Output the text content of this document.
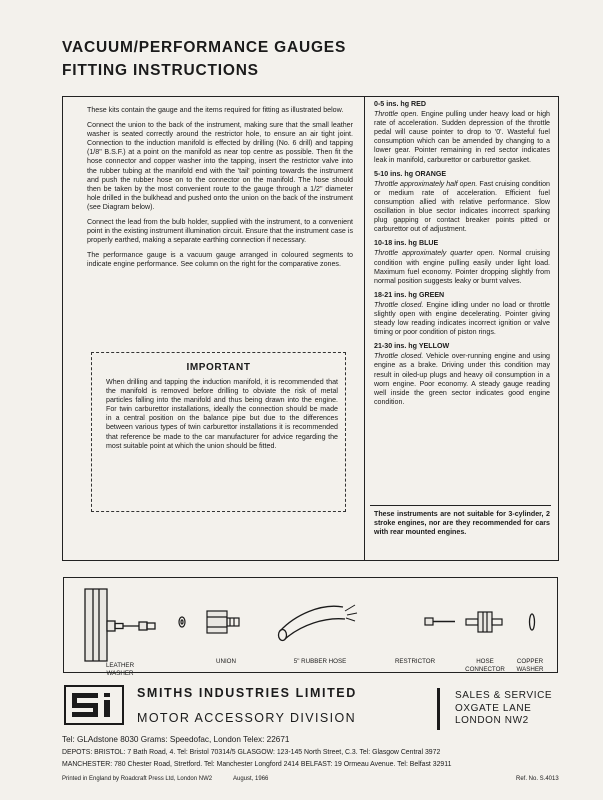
VACUUM/PERFORMANCE GAUGES
FITTING INSTRUCTIONS

These kits contain the gauge and the items required for fitting as illustrated below.

Connect the union to the back of the instrument, making sure that the small leather washer is seated correctly around the restrictor hole, to ensure an air tight joint. Connection to the induction manifold is effected by drilling (No. 6 drill) and tapping (1/8" B.S.F.) at a point on the manifold as near top centre as possible. Then fit the hose connector and copper washer into the tapping, insert the restrictor valve into the rubber tubing at the manifold end with the 'tail' pointing towards the instrument and push the rubber hose on to the connector on the manifold. The hose should then be taken by the most convenient route to the gauge through a 1/2" diameter hole drilled in the bulkhead and pushed onto the union on the back of the instrument (see Diagram below).

Connect the lead from the bulb holder, supplied with the instrument, to a convenient point in the existing instrument illumination circuit. Ensure that the instrument case is properly earthed, making a separate earthing connection if necessary.

The performance gauge is a vacuum gauge arranged in coloured segments to indicate engine performance. See column on the right for the comparative zones.

IMPORTANT

When drilling and tapping the induction manifold, it is recommended that the manifold is removed before drilling to obviate the risk of metal particles falling into the manifold and thus being drawn into the engine. For twin carburettor installations, ideally the connection should be made in a central position on the balance pipe but due to the differences between various types of twin carburettor installations it is recommended that reference be made to the car manufacturer for advice regarding the most suitable point at which the union should be fitted.

0-5 ins. hg RED
Throttle open. Engine pulling under heavy load or high rate of acceleration. Sudden depression of the throttle pedal will cause pointer to drop to '0'. Wasteful fuel consumption which can be amended by changing to a lower gear. Pointer remaining in red sector indicates leak in manifold, carburettor or carburettor gasket.
5-10 ins. hg ORANGE
Throttle approximately half open. Fast cruising condition or medium rate of acceleration. Efficient fuel consumption allied with relative performance. Slow oscillation in blue sector indicates incorrect sparking plug gapping or contact breaker points pitted or carburettor out of adjustment.
10-18 ins. hg BLUE
Throttle approximately quarter open. Normal cruising condition with engine pulling easily under light load. Maximum fuel economy. Pointer dropping slightly from normal position suggests leaky or burnt valves.
18-21 ins. hg GREEN
Throttle closed. Engine idling under no load or throttle slightly open with engine decelerating. Pointer giving steady low reading indicates incorrect ignition or valve timing or poor condition of piston rings.
21-30 ins. hg YELLOW
Throttle closed. Vehicle over-running engine and using engine as a brake. Driving under this condition may result in oiled-up plugs and heavy oil consumption in a worn engine. Poor economy. A steady gauge reading well inside the green sector indicates good engine condition.
These instruments are not suitable for 3-cylinder, 2 stroke engines, nor are they recommended for cars with rear mounted engines.
LEATHER WASHER
UNION	5" RUBBER HOSE	RESTRICTOR	HOSE CONNECTOR
COPPER WASHER
SMITHS INDUSTRIES LIMITED
MOTOR ACCESSORY DIVISION
SALES & SERVICE
OXGATE LANE
LONDON NW2
Tel: GLAdstone 8030 Grams: Speedofac, London Telex: 22671
DEPOTS: BRISTOL: 7 Bath Road, 4. Tel: Bristol 70314/5 GLASGOW: 123-145 North Street, C.3. Tel: Glasgow Central 3972
MANCHESTER: 780 Chester Road, Stretford. Tel: Manchester Longford 2414 BELFAST: 19 Ormeau Avenue. Tel: Belfast 32911
Printed in England by Roadcraft Press Ltd, London NW2	August, 1966	Ref. No. S.4013
